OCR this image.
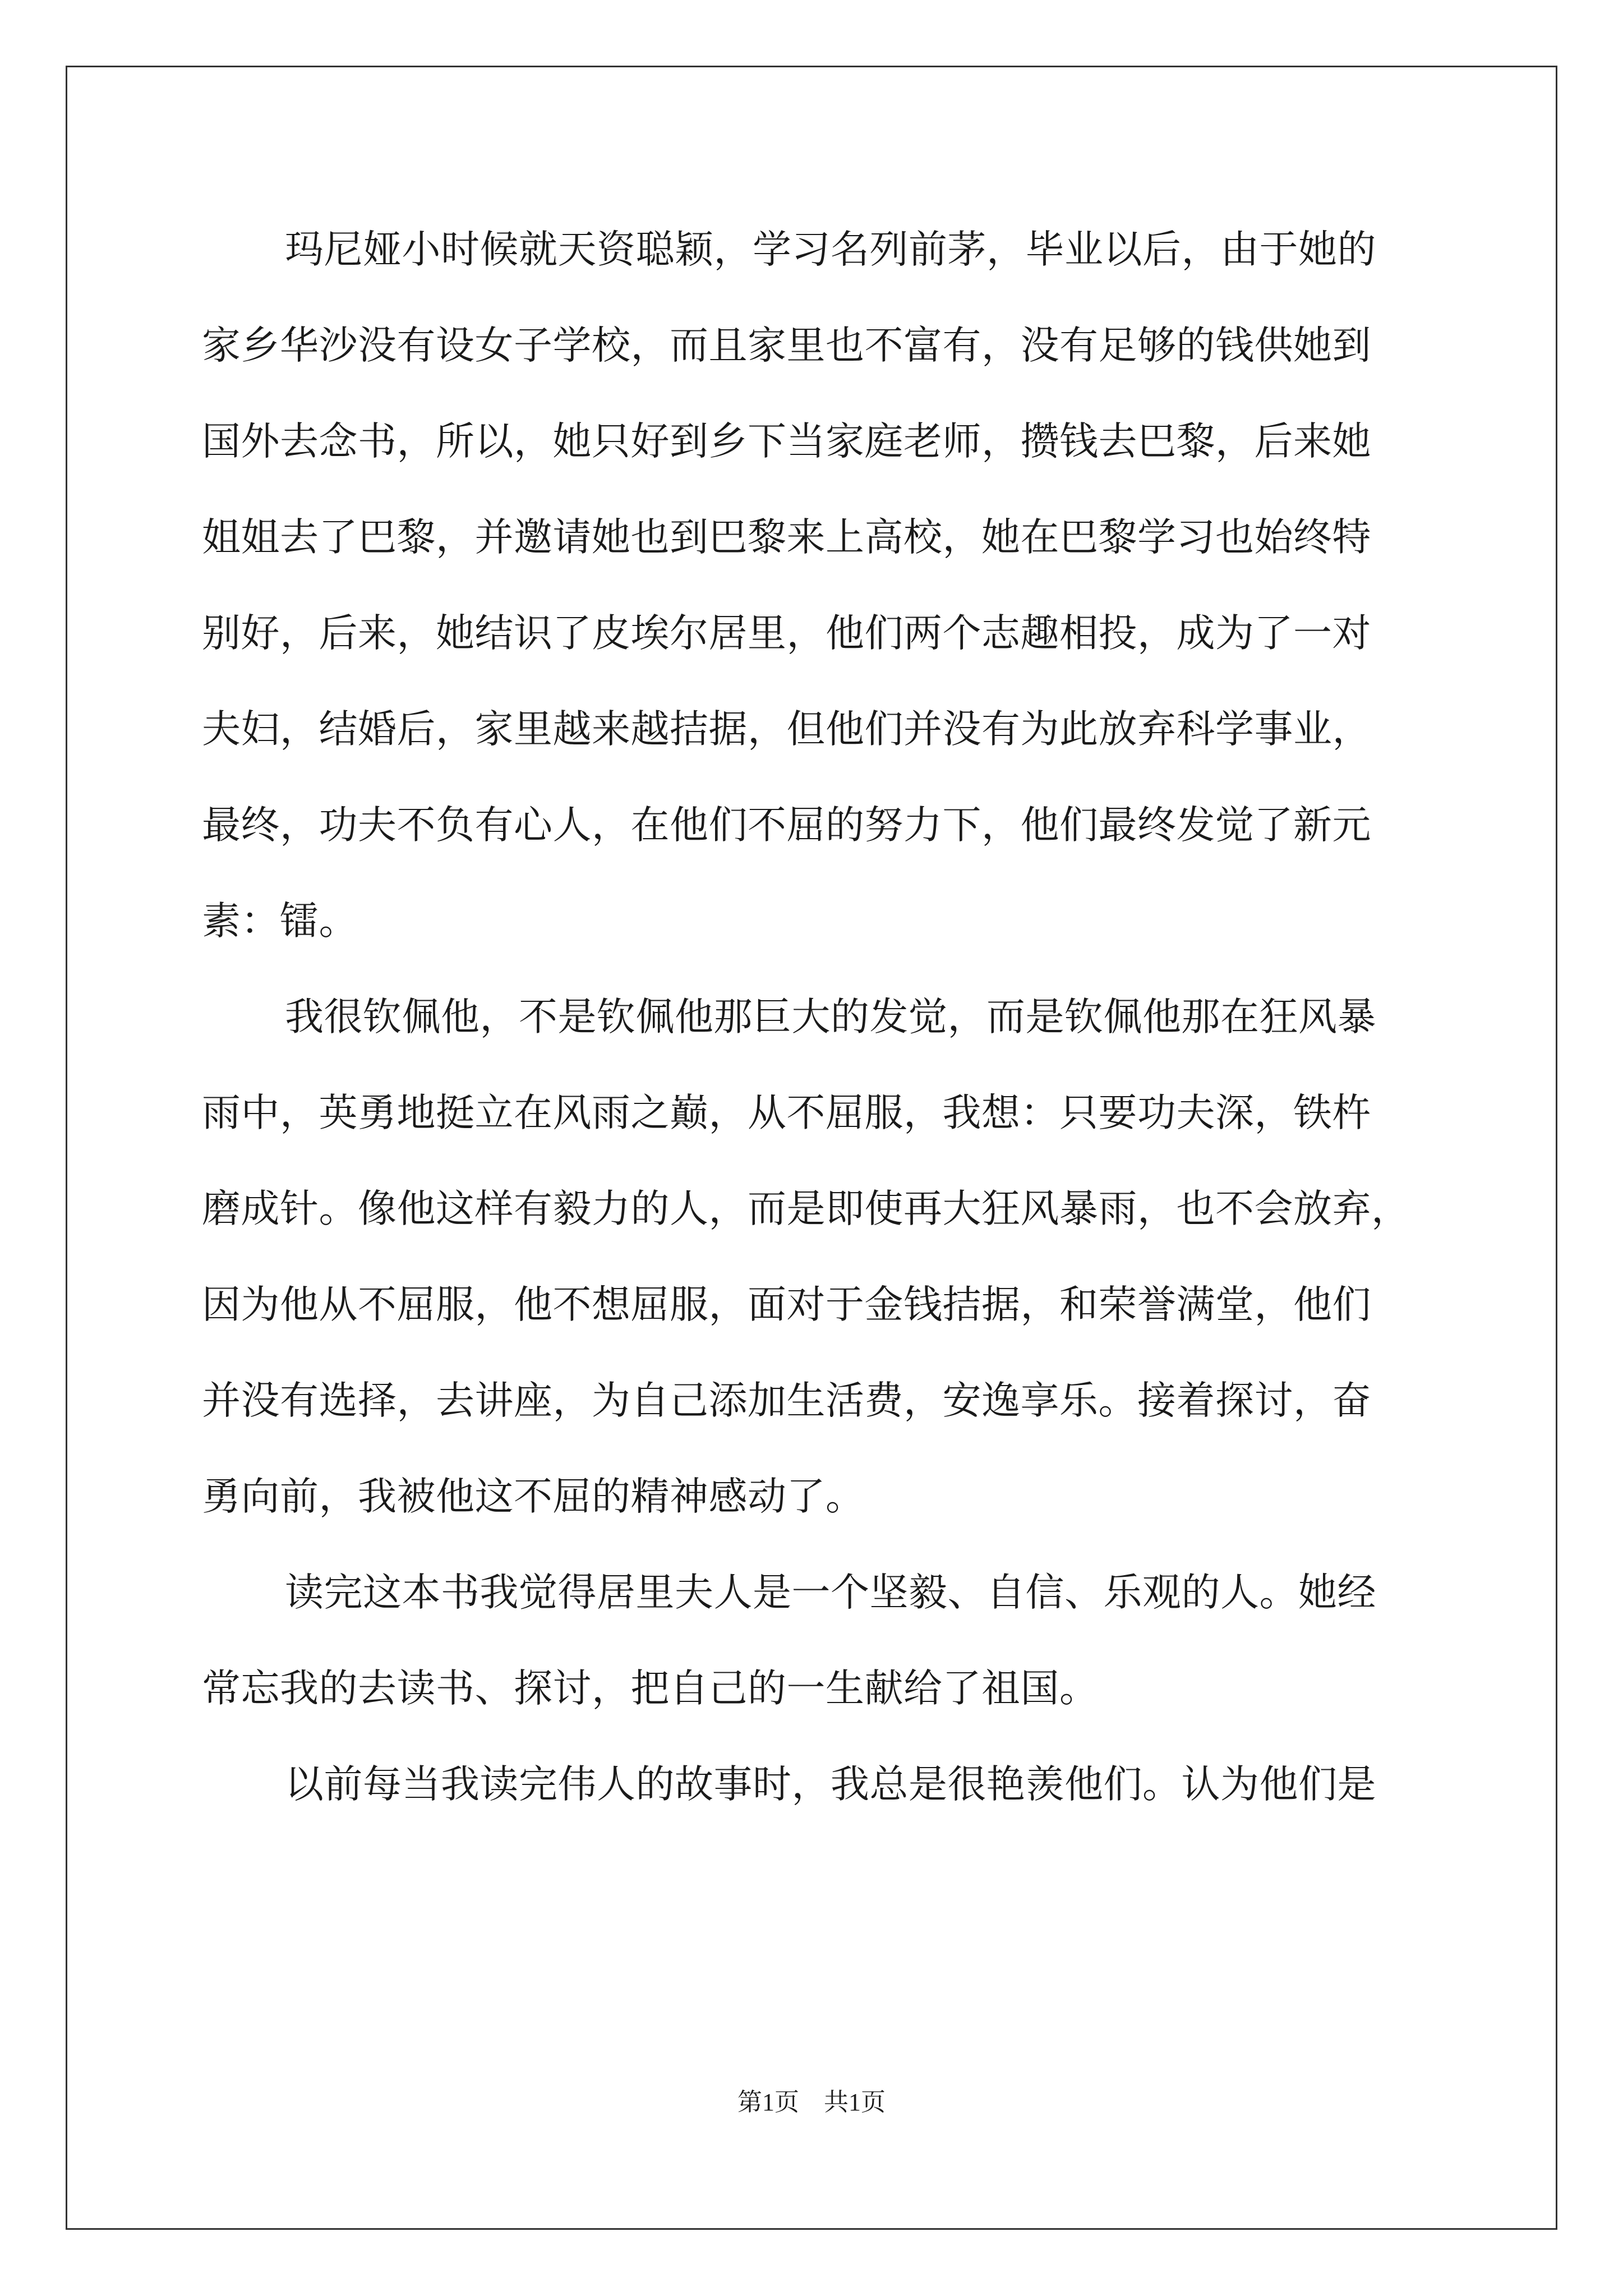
玛尼娅小时候就天资聪颖，学习名列前茅，毕业以后，由于她的
家乡华沙没有设女子学校，而且家里也不富有，没有足够的钱供她到
国外去念书，所以，她只好到乡下当家庭老师，攒钱去巴黎，后来她
姐姐去了巴黎，并邀请她也到巴黎来上高校，她在巴黎学习也始终特
别好，后来，她结识了皮埃尔居里，他们两个志趣相投，成为了一对
夫妇，结婚后，家里越来越拮据，但他们并没有为此放弃科学事业，
最终，功夫不负有心人，在他们不屈的努力下，他们最终发觉了新元
素：镭。
我很钦佩他，不是钦佩他那巨大的发觉，而是钦佩他那在狂风暴
雨中，英勇地挺立在风雨之巅，从不屈服，我想：只要功夫深，铁杵
磨成针。像他这样有毅力的人，而是即使再大狂风暴雨，也不会放弃，
因为他从不屈服，他不想屈服，面对于金钱拮据，和荣誉满堂，他们
并没有选择，去讲座，为自己添加生活费，安逸享乐。接着探讨，奋
勇向前，我被他这不屈的精神感动了。
读完这本书我觉得居里夫人是一个坚毅、自信、乐观的人。她经
常忘我的去读书、探讨，把自己的一生献给了祖国。
以前每当我读完伟人的故事时，我总是很艳羡他们。认为他们是
第1页　共1页
